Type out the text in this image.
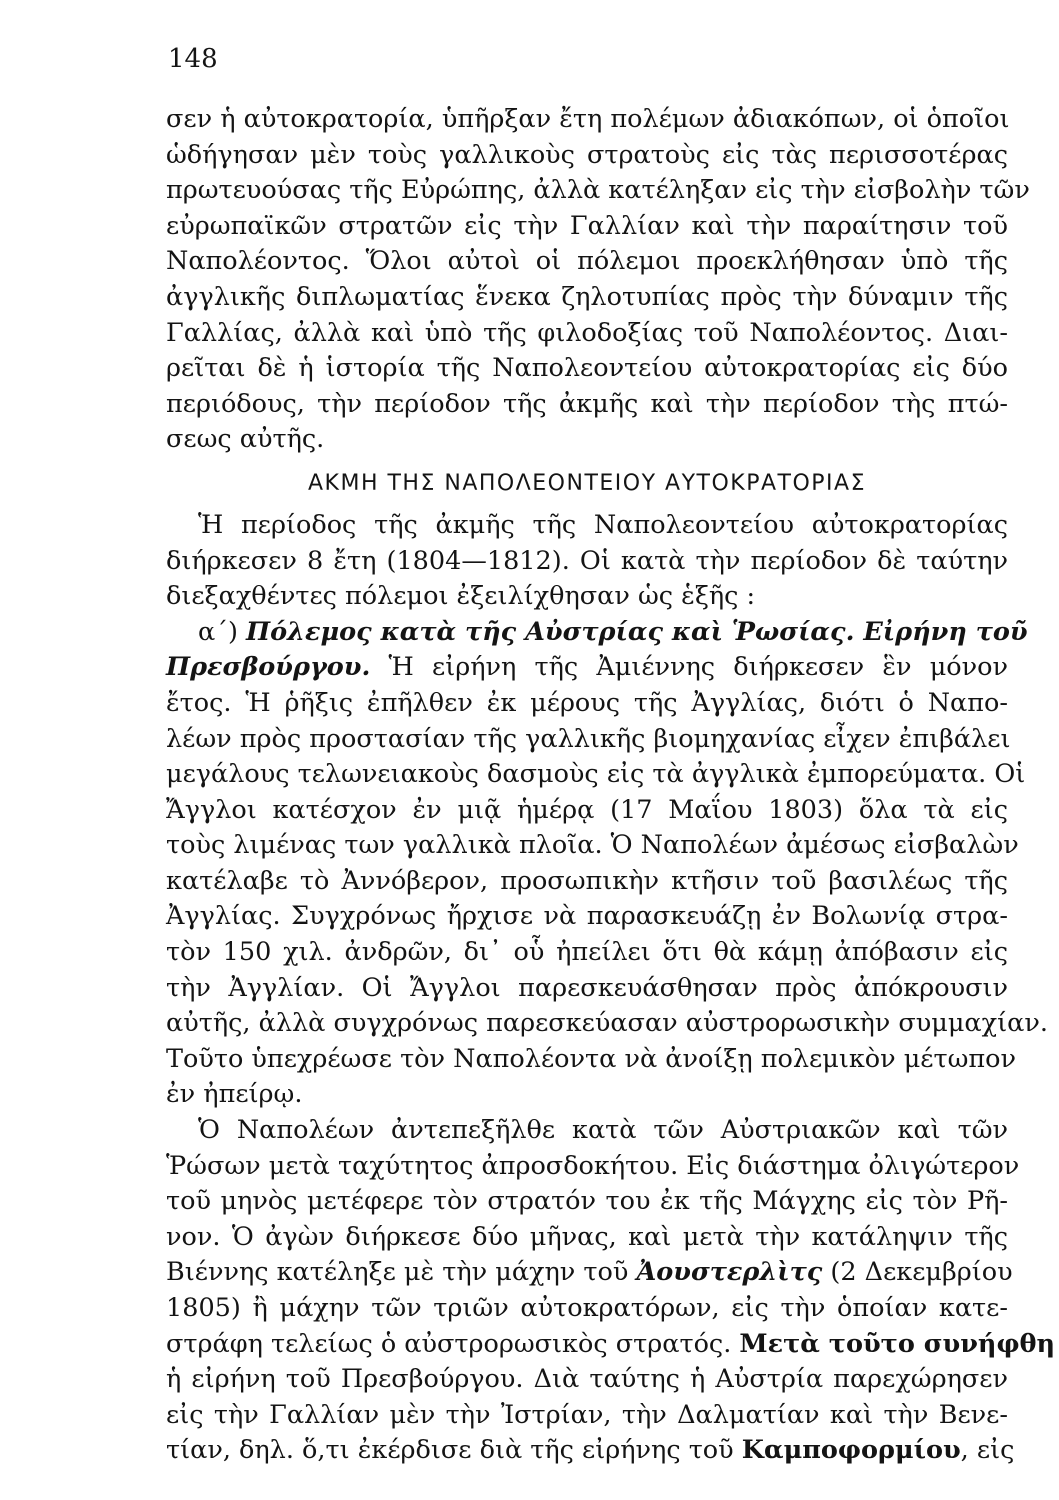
148
σεν ἡ αὐτοκρατορία, ὑπῆρξαν ἔτη πολέμων ἀδιακόπων, οἱ ὁποῖοι
ὡδήγησαν μὲν τοὺς γαλλικοὺς στρατοὺς εἰς τὰς περισσοτέρας
πρωτευούσας τῆς Εὐρώπης, ἀλλὰ κατέληξαν εἰς τὴν εἰσβολὴν τῶν
εὐρωπαϊκῶν στρατῶν εἰς τὴν Γαλλίαν καὶ τὴν παραίτησιν τοῦ
Ναπολέοντος. Ὅλοι αὐτοὶ οἱ πόλεμοι προεκλήθησαν ὑπὸ τῆς
ἀγγλικῆς διπλωματίας ἕνεκα ζηλοτυπίας πρὸς τὴν δύναμιν τῆς
Γαλλίας, ἀλλὰ καὶ ὑπὸ τῆς φιλοδοξίας τοῦ Ναπολέοντος. Διαι-
ρεῖται δὲ ἡ ἱστορία τῆς Ναπολεοντείου αὐτοκρατορίας εἰς δύο
περιόδους, τὴν περίοδον τῆς ἀκμῆς καὶ τὴν περίοδον τὴς πτώ-
σεως αὐτῆς.
ΑΚΜΗ ΤΗΣ ΝΑΠΟΛΕΟΝΤΕΙΟΥ ΑΥΤΟΚΡΑΤΟΡΙΑΣ
Ἡ περίοδος τῆς ἀκμῆς τῆς Ναπολεοντείου αὐτοκρατορίας
διήρκεσεν 8 ἔτη (1804—1812). Οἱ κατὰ τὴν περίοδον δὲ ταύτην
διεξαχθέντες πόλεμοι ἐξειλίχθησαν ὡς ἑξῆς :
α΄) Πόλεμος κατὰ τῆς Αὐστρίας καὶ Ῥωσίας. Εἰρήνη τοῦ
Πρεσβούργου. Ἡ εἰρήνη τῆς Ἀμιέννης διήρκεσεν ἓν μόνον
ἔτος. Ἡ ῥῆξις ἐπῆλθεν ἐκ μέρους τῆς Ἀγγλίας, διότι ὁ Ναπο-
λέων πρὸς προστασίαν τῆς γαλλικῆς βιομηχανίας εἶχεν ἐπιβάλει
μεγάλους τελωνειακοὺς δασμοὺς εἰς τὰ ἀγγλικὰ ἐμπορεύματα. Οἱ
Ἄγγλοι κατέσχον ἐν μιᾷ ἡμέρᾳ (17 Μαΐου 1803) ὅλα τὰ εἰς
τοὺς λιμένας των γαλλικὰ πλοῖα. Ὁ Ναπολέων ἀμέσως εἰσβαλὼν
κατέλαβε τὸ Ἀννόβερον, προσωπικὴν κτῆσιν τοῦ βασιλέως τῆς
Ἀγγλίας. Συγχρόνως ἤρχισε νὰ παρασκευάζῃ ἐν Βολωνίᾳ στρα-
τὸν 150 χιλ. ἀνδρῶν, δι᾽ οὗ ἠπείλει ὅτι θὰ κάμῃ ἀπόβασιν εἰς
τὴν Ἀγγλίαν. Οἱ Ἄγγλοι παρεσκευάσθησαν πρὸς ἀπόκρουσιν
αὐτῆς, ἀλλὰ συγχρόνως παρεσκεύασαν αὐστρορωσικὴν συμμαχίαν.
Τοῦτο ὑπεχρέωσε τὸν Ναπολέοντα νὰ ἀνοίξῃ πολεμικὸν μέτωπον
ἐν ἠπείρῳ.
Ὁ Ναπολέων ἀντεπεξῆλθε κατὰ τῶν Αὐστριακῶν καὶ τῶν
Ῥώσων μετὰ ταχύτητος ἀπροσδοκήτου. Εἰς διάστημα ὀλιγώτερον
τοῦ μηνὸς μετέφερε τὸν στρατόν του ἐκ τῆς Μάγχης εἰς τὸν Ρῆ-
νον. Ὁ ἀγὼν διήρκεσε δύο μῆνας, καὶ μετὰ τὴν κατάληψιν τῆς
Βιέννης κατέληξε μὲ τὴν μάχην τοῦ Ἀουστερλὶτς (2 Δεκεμβρίου
1805) ἢ μάχην τῶν τριῶν αὐτοκρατόρων, εἰς τὴν ὁποίαν κατε-
στράφη τελείως ὁ αὐστρορωσικὸς στρατός. Μετὰ τοῦτο συνήφθη
ἡ εἰρήνη τοῦ Πρεσβούργου. Διὰ ταύτης ἡ Αὐστρία παρεχώρησεν
εἰς τὴν Γαλλίαν μὲν τὴν Ἰστρίαν, τὴν Δαλματίαν καὶ τὴν Βενε-
τίαν, δηλ. ὅ,τι ἐκέρδισε διὰ τῆς εἰρήνης τοῦ Καμποφορμίου, εἰς
